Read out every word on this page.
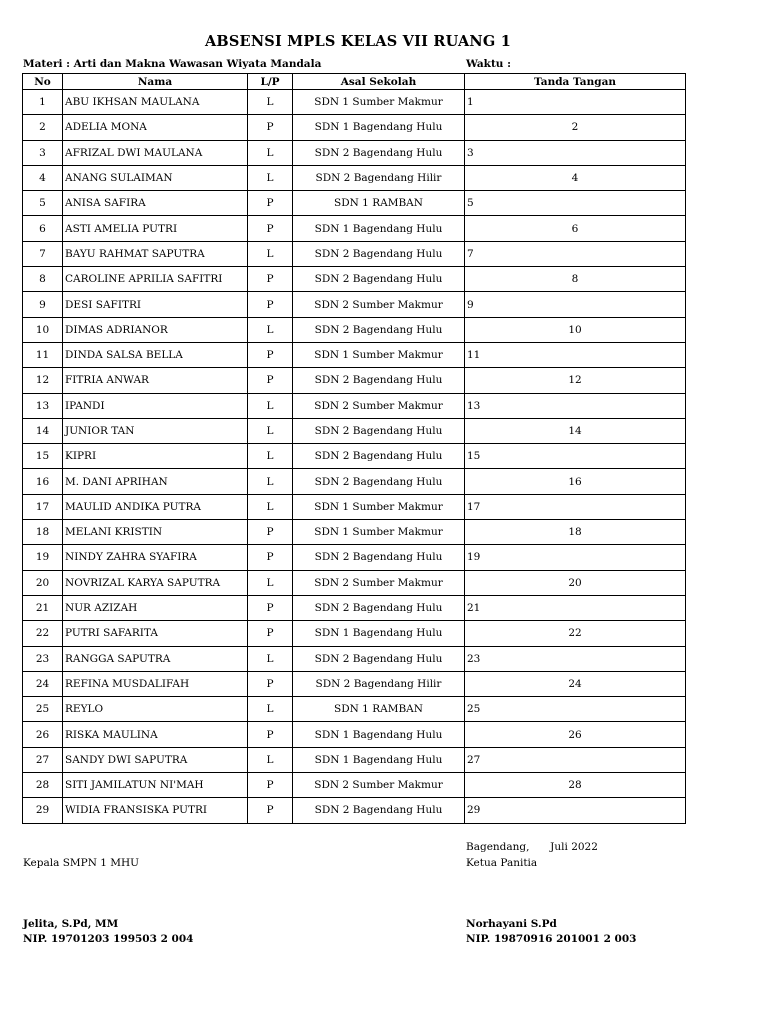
ABSENSI MPLS KELAS VII RUANG 1
Materi : Arti dan Makna Wawasan Wiyata Mandala	Waktu :
No	Nama	L/P	Asal Sekolah	Tanda Tangan
1	ABU IKHSAN MAULANA	L	SDN 1 Sumber Makmur	1
2	ADELIA MONA	P	SDN 1 Bagendang Hulu	2
3	AFRIZAL DWI MAULANA	L	SDN 2 Bagendang Hulu	3
4	ANANG SULAIMAN	L	SDN 2 Bagendang Hilir	4
5	ANISA SAFIRA	P	SDN 1 RAMBAN	5
6	ASTI AMELIA PUTRI	P	SDN 1 Bagendang Hulu	6
7	BAYU RAHMAT SAPUTRA	L	SDN 2 Bagendang Hulu	7
8	CAROLINE APRILIA SAFITRI	P	SDN 2 Bagendang Hulu	8
9	DESI SAFITRI	P	SDN 2 Sumber Makmur	9
10	DIMAS ADRIANOR	L	SDN 2 Bagendang Hulu	10
11	DINDA SALSA BELLA	P	SDN 1 Sumber Makmur	11
12	FITRIA ANWAR	P	SDN 2 Bagendang Hulu	12
13	IPANDI	L	SDN 2 Sumber Makmur	13
14	JUNIOR TAN	L	SDN 2 Bagendang Hulu	14
15	KIPRI	L	SDN 2 Bagendang Hulu	15
16	M. DANI APRIHAN	L	SDN 2 Bagendang Hulu	16
17	MAULID ANDIKA PUTRA	L	SDN 1 Sumber Makmur	17
18	MELANI KRISTIN	P	SDN 1 Sumber Makmur	18
19	NINDY ZAHRA SYAFIRA	P	SDN 2 Bagendang Hulu	19
20	NOVRIZAL KARYA SAPUTRA	L	SDN 2 Sumber Makmur	20
21	NUR AZIZAH	P	SDN 2 Bagendang Hulu	21
22	PUTRI SAFARITA	P	SDN 1 Bagendang Hulu	22
23	RANGGA SAPUTRA	L	SDN 2 Bagendang Hulu	23
24	REFINA MUSDALIFAH	P	SDN 2 Bagendang Hilir	24
25	REYLO	L	SDN 1 RAMBAN	25
26	RISKA MAULINA	P	SDN 1 Bagendang Hulu	26
27	SANDY DWI SAPUTRA	L	SDN 1 Bagendang Hulu	27
28	SITI JAMILATUN NI'MAH	P	SDN 2 Sumber Makmur	28
29	WIDIA FRANSISKA PUTRI	P	SDN 2 Bagendang Hulu	29
Bagendang, Juli 2022
Kepala SMPN 1 MHU	Ketua Panitia
Jelita, S.Pd, MM
NIP. 19701203 199503 2 004
Norhayani S.Pd
NIP. 19870916 201001 2 003
